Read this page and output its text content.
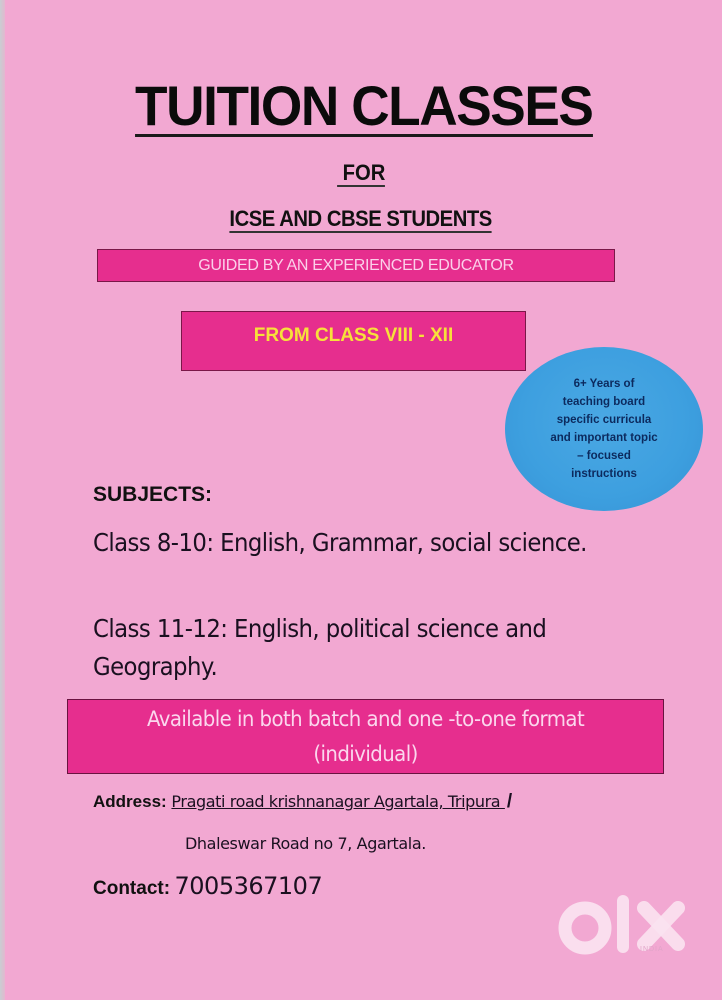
TUITION CLASSES
FOR
ICSE AND CBSE STUDENTS
GUIDED BY AN EXPERIENCED EDUCATOR
FROM CLASS VIII - XII
6+ Years of
teaching board
specific curricula
and important topic
– focused
instructions
SUBJECTS:
Class 8-10: English, Grammar, social science.
Class 11-12: English, political science and Geography.
Available in both batch and one -to-one format
(individual)
Address: Pragati road krishnanagar Agartala, Tripura /
Dhaleswar Road no 7, Agartala.
Contact: 7005367107
INDIA
